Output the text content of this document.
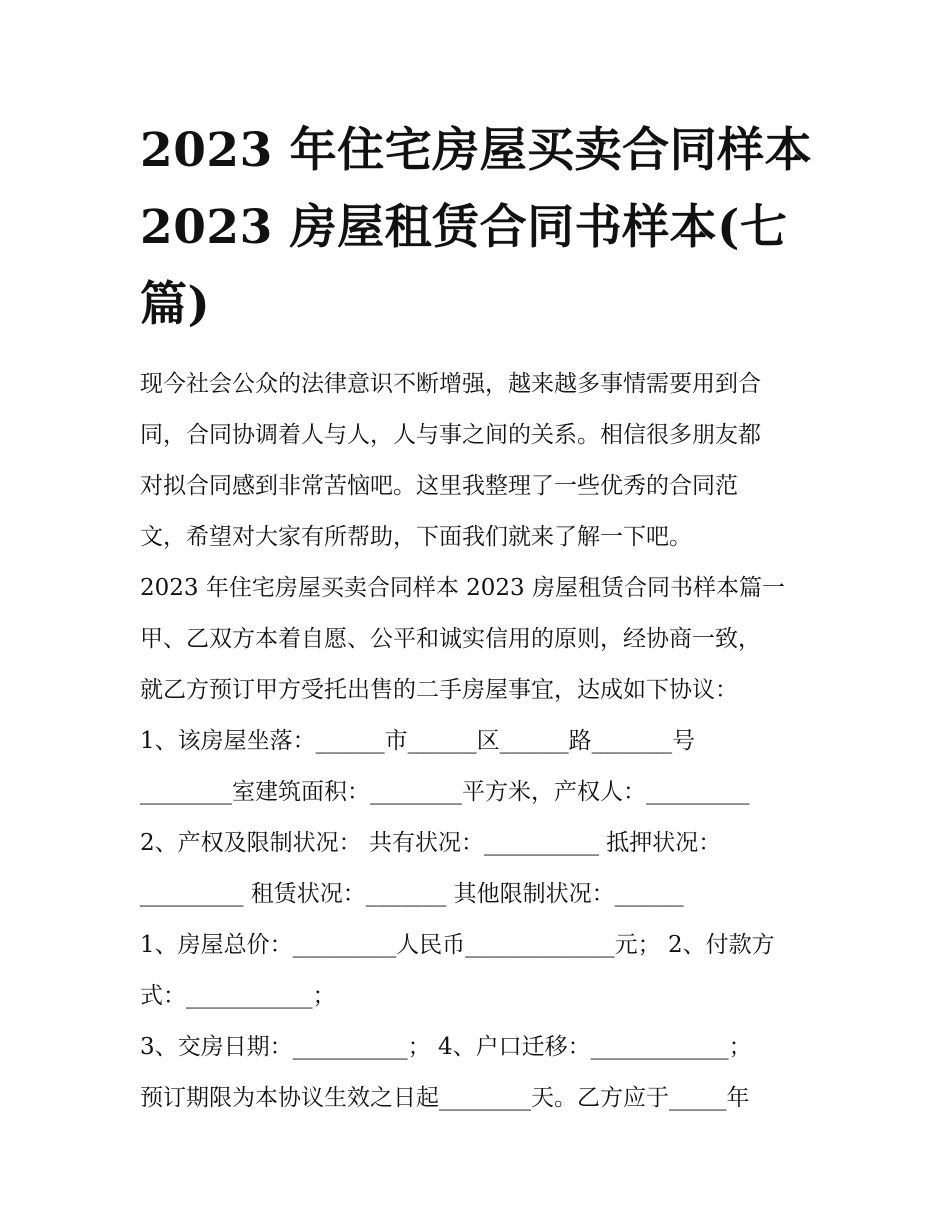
2023 年住宅房屋买卖合同样本
2023 房屋租赁合同书样本(七
篇)
现今社会公众的法律意识不断增强，越来越多事情需要用到合
同，合同协调着人与人，人与事之间的关系。相信很多朋友都
对拟合同感到非常苦恼吧。这里我整理了一些优秀的合同范
文，希望对大家有所帮助，下面我们就来了解一下吧。
2023 年住宅房屋买卖合同样本 2023 房屋租赁合同书样本篇一
甲、乙双方本着自愿、公平和诚实信用的原则，经协商一致，
就乙方预订甲方受托出售的二手房屋事宜，达成如下协议：
1、该房屋坐落：______市______区______路_______号
________室建筑面积：________平方米，产权人：_________
2、产权及限制状况： 共有状况：__________ 抵押状况：
_________ 租赁状况：_______ 其他限制状况：______
1、房屋总价：_________人民币_____________元； 2、付款方
式：___________；
3、交房日期：__________； 4、户口迁移：____________；
预订期限为本协议生效之日起________天。乙方应于_____年
